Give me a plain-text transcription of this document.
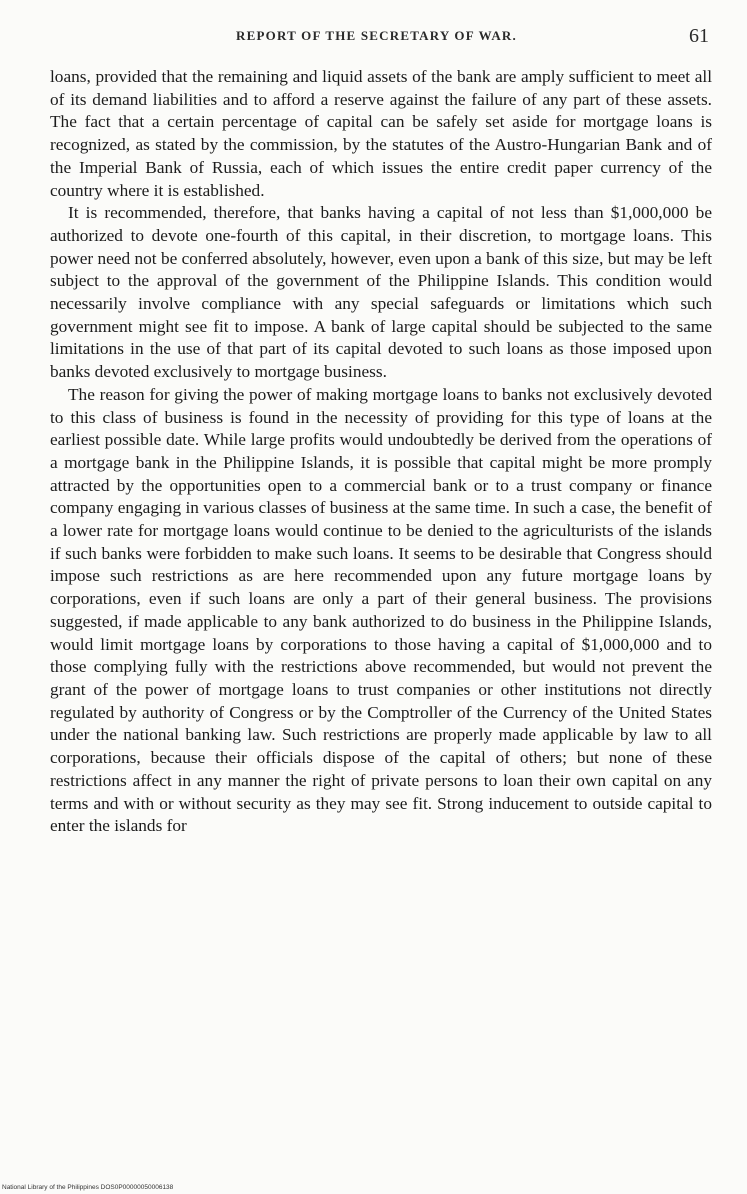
REPORT OF THE SECRETARY OF WAR.	61

loans, provided that the remaining and liquid assets of the bank are amply sufficient to meet all of its demand liabilities and to afford a reserve against the failure of any part of these assets. The fact that a certain percentage of capital can be safely set aside for mortgage loans is recognized, as stated by the commission, by the statutes of the Austro-Hungarian Bank and of the Imperial Bank of Russia, each of which issues the entire credit paper currency of the country where it is established.

It is recommended, therefore, that banks having a capital of not less than $1,000,000 be authorized to devote one-fourth of this capital, in their discretion, to mortgage loans. This power need not be conferred absolutely, however, even upon a bank of this size, but may be left subject to the approval of the government of the Philippine Islands. This condition would necessarily involve compliance with any special safeguards or limitations which such government might see fit to impose. A bank of large capital should be subjected to the same limitations in the use of that part of its capital devoted to such loans as those imposed upon banks devoted exclusively to mortgage business.

The reason for giving the power of making mortgage loans to banks not exclusively devoted to this class of business is found in the necessity of providing for this type of loans at the earliest possible date. While large profits would undoubtedly be derived from the operations of a mortgage bank in the Philippine Islands, it is possible that capital might be more promply attracted by the opportunities open to a commercial bank or to a trust company or finance company engaging in various classes of business at the same time. In such a case, the benefit of a lower rate for mortgage loans would continue to be denied to the agriculturists of the islands if such banks were forbidden to make such loans. It seems to be desirable that Congress should impose such restrictions as are here recommended upon any future mortgage loans by corporations, even if such loans are only a part of their general business. The provisions suggested, if made applicable to any bank authorized to do business in the Philippine Islands, would limit mortgage loans by corporations to those having a capital of $1,000,000 and to those complying fully with the restrictions above recommended, but would not prevent the grant of the power of mortgage loans to trust companies or other institutions not directly regulated by authority of Congress or by the Comptroller of the Currency of the United States under the national banking law. Such restrictions are properly made applicable by law to all corporations, because their officials dispose of the capital of others; but none of these restrictions affect in any manner the right of private persons to loan their own capital on any terms and with or without security as they may see fit. Strong inducement to outside capital to enter the islands for

National Library of the Philippines DOS0P00000050006138
